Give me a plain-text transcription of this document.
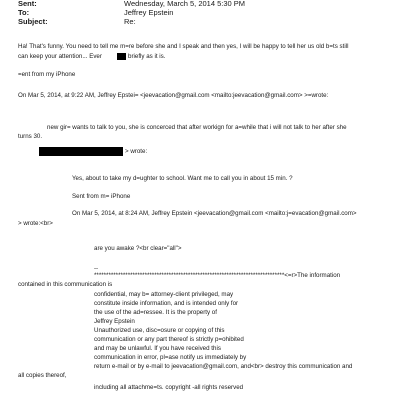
Sent:	Wednesday, March 5, 2014 5:30 PM
To:	Jeffrey Epstein
Subject:	Re:
Ha! That's funny. You need to tell me m=re before she and I speak and then yes, I will be happy to tell her us old b=ts still
can keep your attention... Ever	briefly as it is.
=ent from my iPhone
On Mar 5, 2014, at 9:22 AM, Jeffrey Epstei= <jeevacation@gmail.com <mailto:jeevacation@gmail.com> >=wrote:
new gir= wants to talk to you, she is concerced that after workign for a=while that i will not talk to her after she
turns 30.
> wrote:
Yes, about to take my d=ughter to school. Want me to call you in about 15 min. ?
Sent from m= iPhone
On Mar 5, 2014, at 8:24 AM, Jeffrey Epstein <jeevacation@gmail.com <mailto:j=evacation@gmail.com>
> wrote:<br>
are you awake ?<br clear="all">
--
*******************************************************************************<=r>The information
contained in this communication is
confidential, may b= attorney-client privileged, may
constitute inside information, and is intended only for
the use of the ad=ressee. It is the property of
Jeffrey Epstein
Unauthorized use, disc=osure or copying of this
communication or any part thereof is strictly p=ohibited
and may be unlawful. If you have received this
communication in error, pl=ase notify us immediately by
return e-mail or by e-mail to jeevacation@gmail.com, and<br> destroy this communication and
all copies thereof,
including all attachme=ts. copyright -all rights reserved
